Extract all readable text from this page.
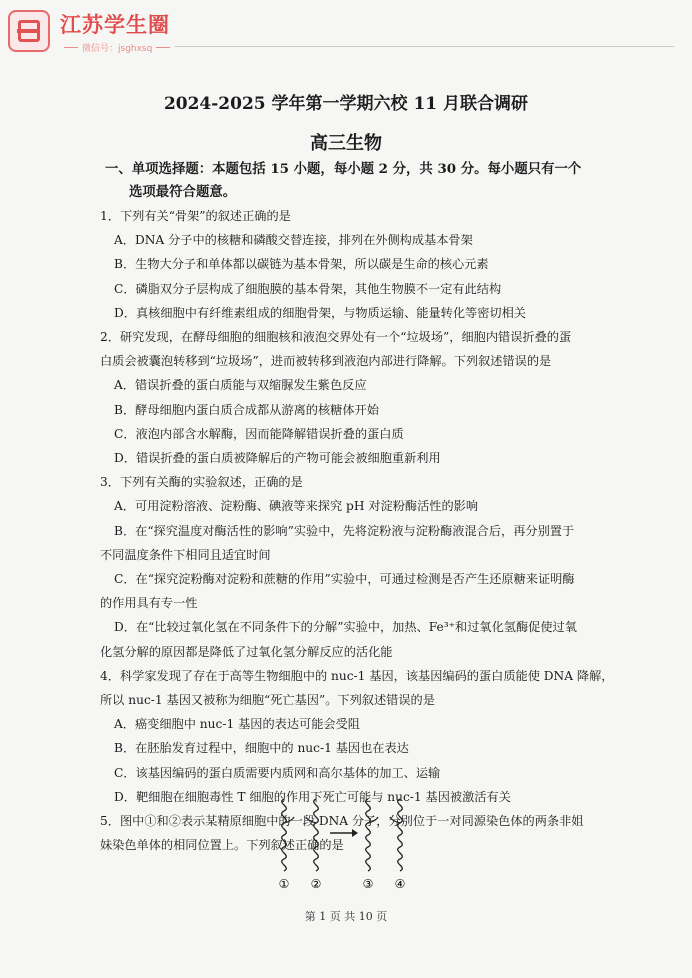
江苏学生圈
微信号：jsghxsq
2024-2025 学年第一学期六校 11 月联合调研
高三生物
一、单项选择题：本题包括 15 小题，每小题 2 分，共 30 分。每小题只有一个
选项最符合题意。
1．下列有关“骨架”的叙述正确的是
A．DNA 分子中的核糖和磷酸交替连接，排列在外侧构成基本骨架
B．生物大分子和单体都以碳链为基本骨架，所以碳是生命的核心元素
C．磷脂双分子层构成了细胞膜的基本骨架，其他生物膜不一定有此结构
D．真核细胞中有纤维素组成的细胞骨架，与物质运输、能量转化等密切相关
2．研究发现，在酵母细胞的细胞核和液泡交界处有一个“垃圾场”，细胞内错误折叠的蛋
白质会被囊泡转移到“垃圾场”，进而被转移到液泡内部进行降解。下列叙述错误的是
A．错误折叠的蛋白质能与双缩脲发生紫色反应
B．酵母细胞内蛋白质合成都从游离的核糖体开始
C．液泡内部含水解酶，因而能降解错误折叠的蛋白质
D．错误折叠的蛋白质被降解后的产物可能会被细胞重新利用
3．下列有关酶的实验叙述，正确的是
A．可用淀粉溶液、淀粉酶、碘液等来探究 pH 对淀粉酶活性的影响
B．在“探究温度对酶活性的影响”实验中，先将淀粉液与淀粉酶液混合后，再分别置于
不同温度条件下相同且适宜时间
C．在“探究淀粉酶对淀粉和蔗糖的作用”实验中，可通过检测是否产生还原糖来证明酶
的作用具有专一性
D．在“比较过氧化氢在不同条件下的分解”实验中，加热、Fe³⁺和过氧化氢酶促使过氧
化氢分解的原因都是降低了过氧化氢分解反应的活化能
4．科学家发现了存在于高等生物细胞中的 nuc-1 基因，该基因编码的蛋白质能使 DNA 降解，
所以 nuc-1 基因又被称为细胞“死亡基因”。下列叙述错误的是
A．癌变细胞中 nuc-1 基因的表达可能会受阻
B．在胚胎发育过程中，细胞中的 nuc-1 基因也在表达
C．该基因编码的蛋白质需要内质网和高尔基体的加工、运输
D．靶细胞在细胞毒性 T 细胞的作用下死亡可能与 nuc-1 基因被激活有关
5．图中①和②表示某精原细胞中的一段 DNA 分子，分别位于一对同源染色体的两条非姐
妹染色单体的相同位置上。下列叙述正确的是
① ②	③ ④
第 1 页 共 10 页
